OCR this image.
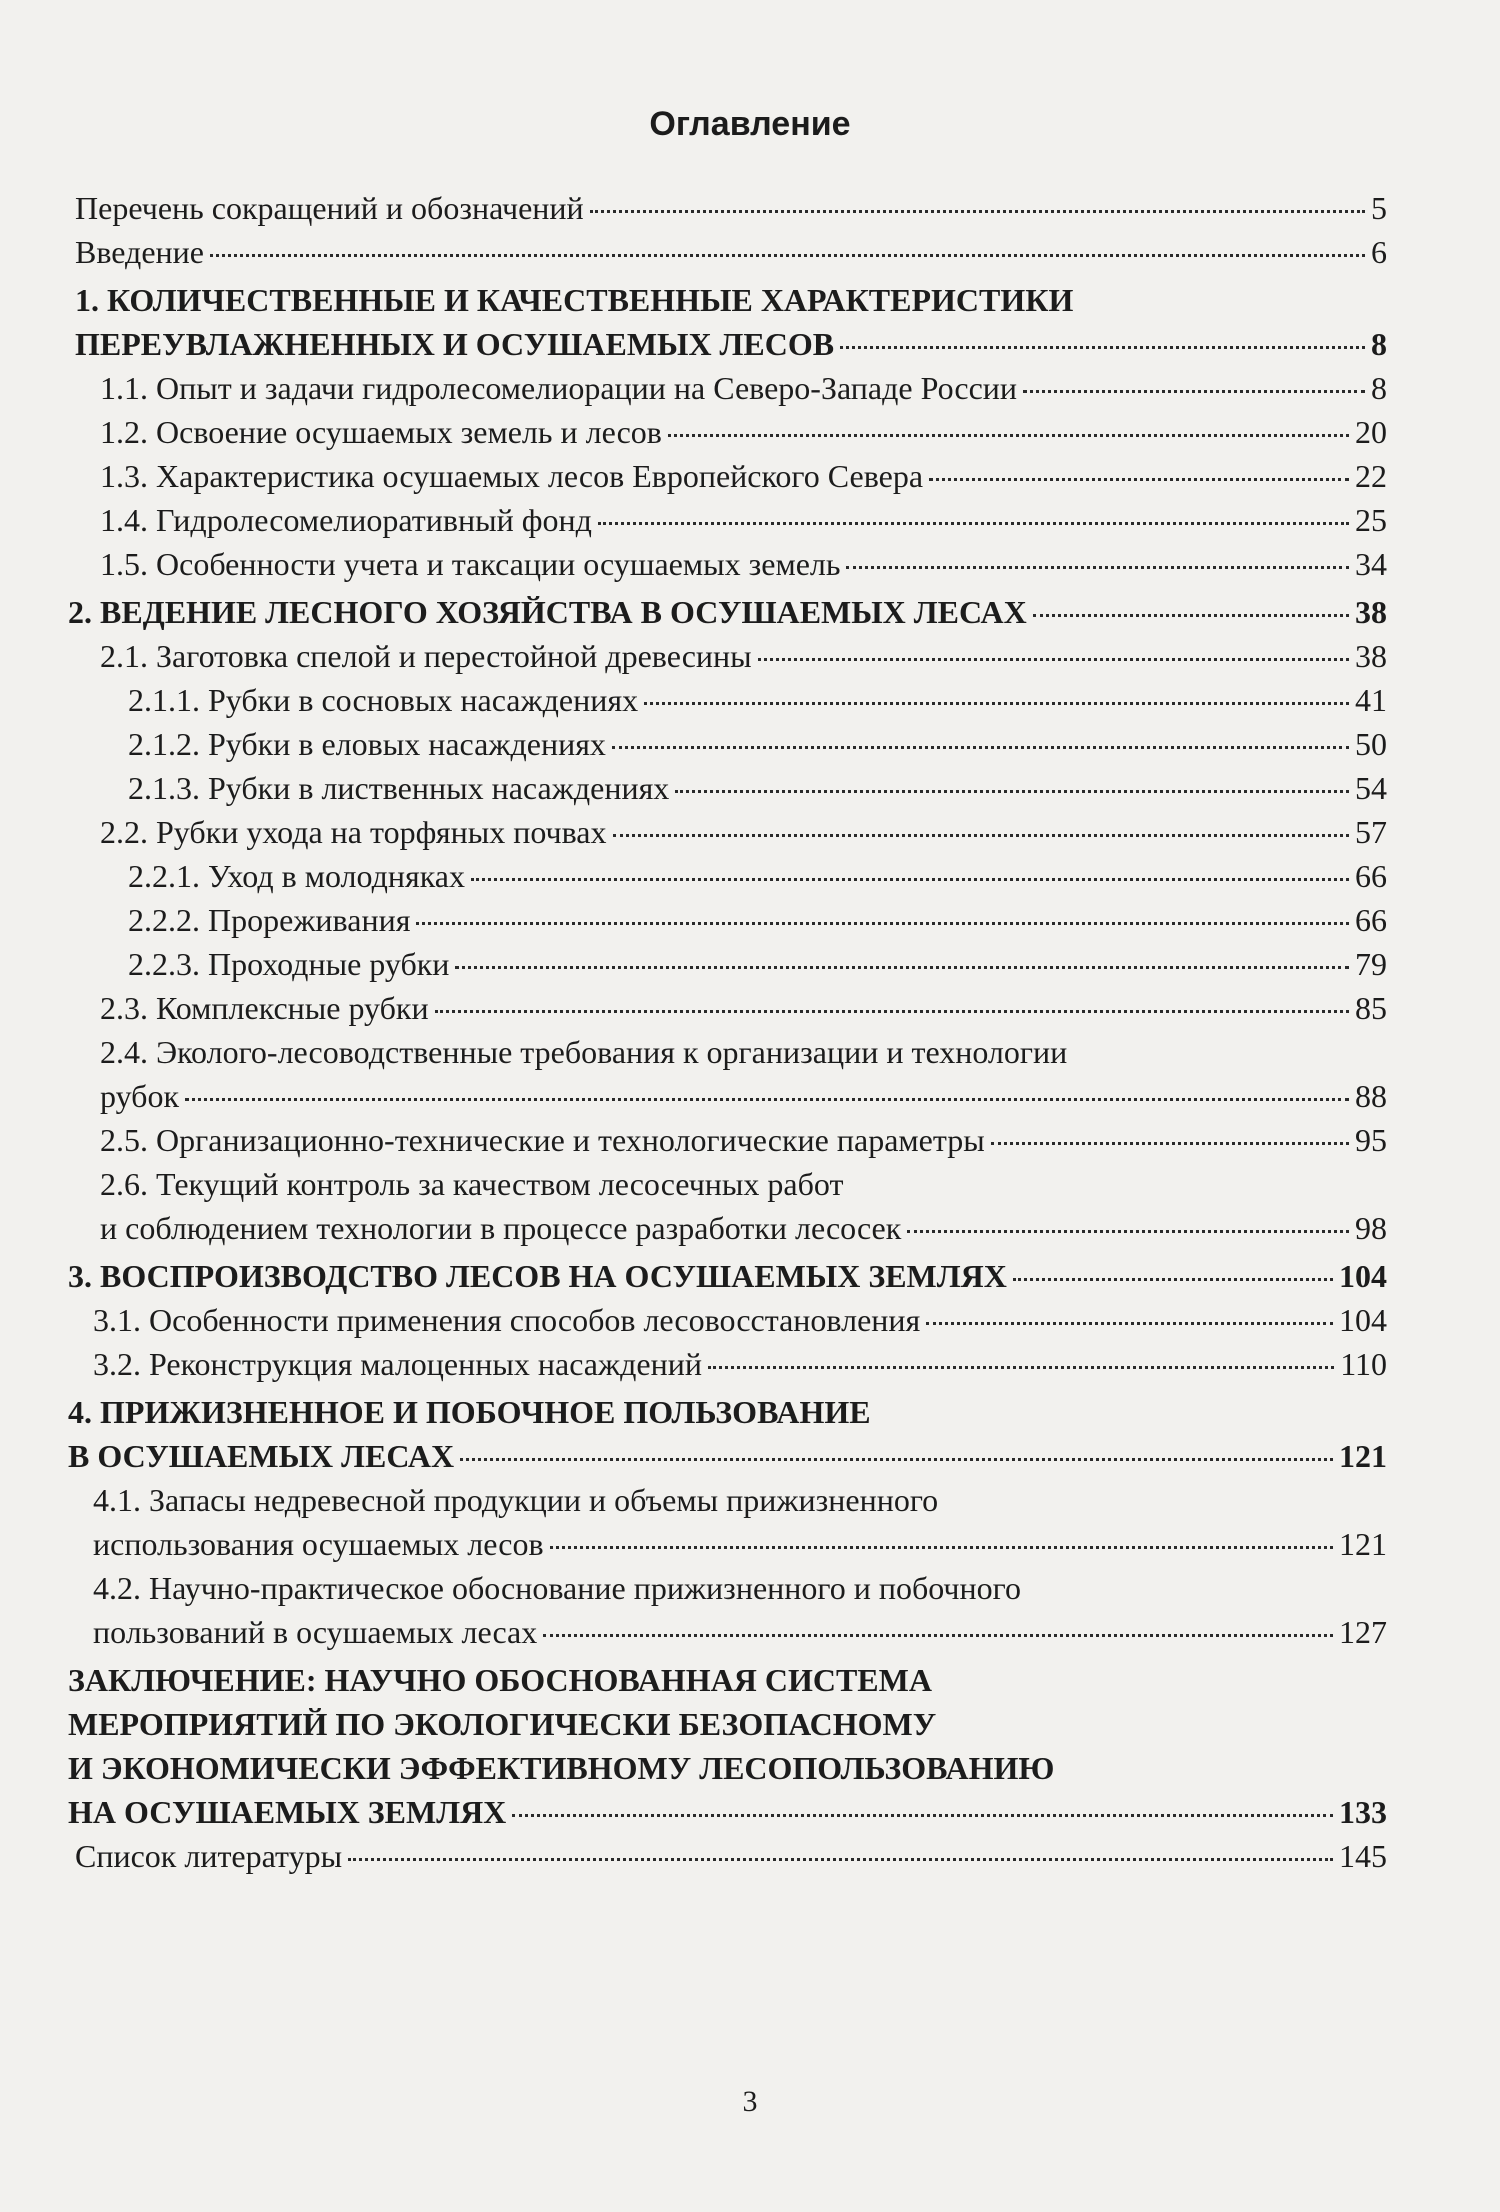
Оглавление
Перечень сокращений и обозначений	5
Введение	6
1. КОЛИЧЕСТВЕННЫЕ И КАЧЕСТВЕННЫЕ ХАРАКТЕРИСТИКИ
ПЕРЕУВЛАЖНЕННЫХ И ОСУШАЕМЫХ ЛЕСОВ	8
1.1. Опыт и задачи гидролесомелиорации на Северо-Западе России	8
1.2. Освоение осушаемых земель и лесов	20
1.3. Характеристика осушаемых лесов Европейского Севера	22
1.4. Гидролесомелиоративный фонд	25
1.5. Особенности учета и таксации осушаемых земель	34
2. ВЕДЕНИЕ ЛЕСНОГО ХОЗЯЙСТВА В ОСУШАЕМЫХ ЛЕСАХ	38
2.1. Заготовка спелой и перестойной древесины	38
2.1.1. Рубки в сосновых насаждениях	41
2.1.2. Рубки в еловых насаждениях	50
2.1.3. Рубки в лиственных насаждениях	54
2.2. Рубки ухода на торфяных почвах	57
2.2.1. Уход в молодняках	66
2.2.2. Прореживания	66
2.2.3. Проходные рубки	79
2.3. Комплексные рубки	85
2.4. Эколого-лесоводственные требования к организации и технологии
рубок	88
2.5. Организационно-технические и технологические параметры	95
2.6. Текущий контроль за качеством лесосечных работ
и соблюдением технологии в процессе разработки лесосек	98
3. ВОСПРОИЗВОДСТВО ЛЕСОВ НА ОСУШАЕМЫХ ЗЕМЛЯХ	104
3.1. Особенности применения способов лесовосстановления	104
3.2. Реконструкция малоценных насаждений	110
4. ПРИЖИЗНЕННОЕ И ПОБОЧНОЕ ПОЛЬЗОВАНИЕ
В ОСУШАЕМЫХ ЛЕСАХ	121
4.1. Запасы недревесной продукции и объемы прижизненного
использования осушаемых лесов	121
4.2. Научно-практическое обоснование прижизненного и побочного
пользований в осушаемых лесах	127
ЗАКЛЮЧЕНИЕ: НАУЧНО ОБОСНОВАННАЯ СИСТЕМА
МЕРОПРИЯТИЙ ПО ЭКОЛОГИЧЕСКИ БЕЗОПАСНОМУ
И ЭКОНОМИЧЕСКИ ЭФФЕКТИВНОМУ ЛЕСОПОЛЬЗОВАНИЮ
НА ОСУШАЕМЫХ ЗЕМЛЯХ	133
Список литературы	145
3
